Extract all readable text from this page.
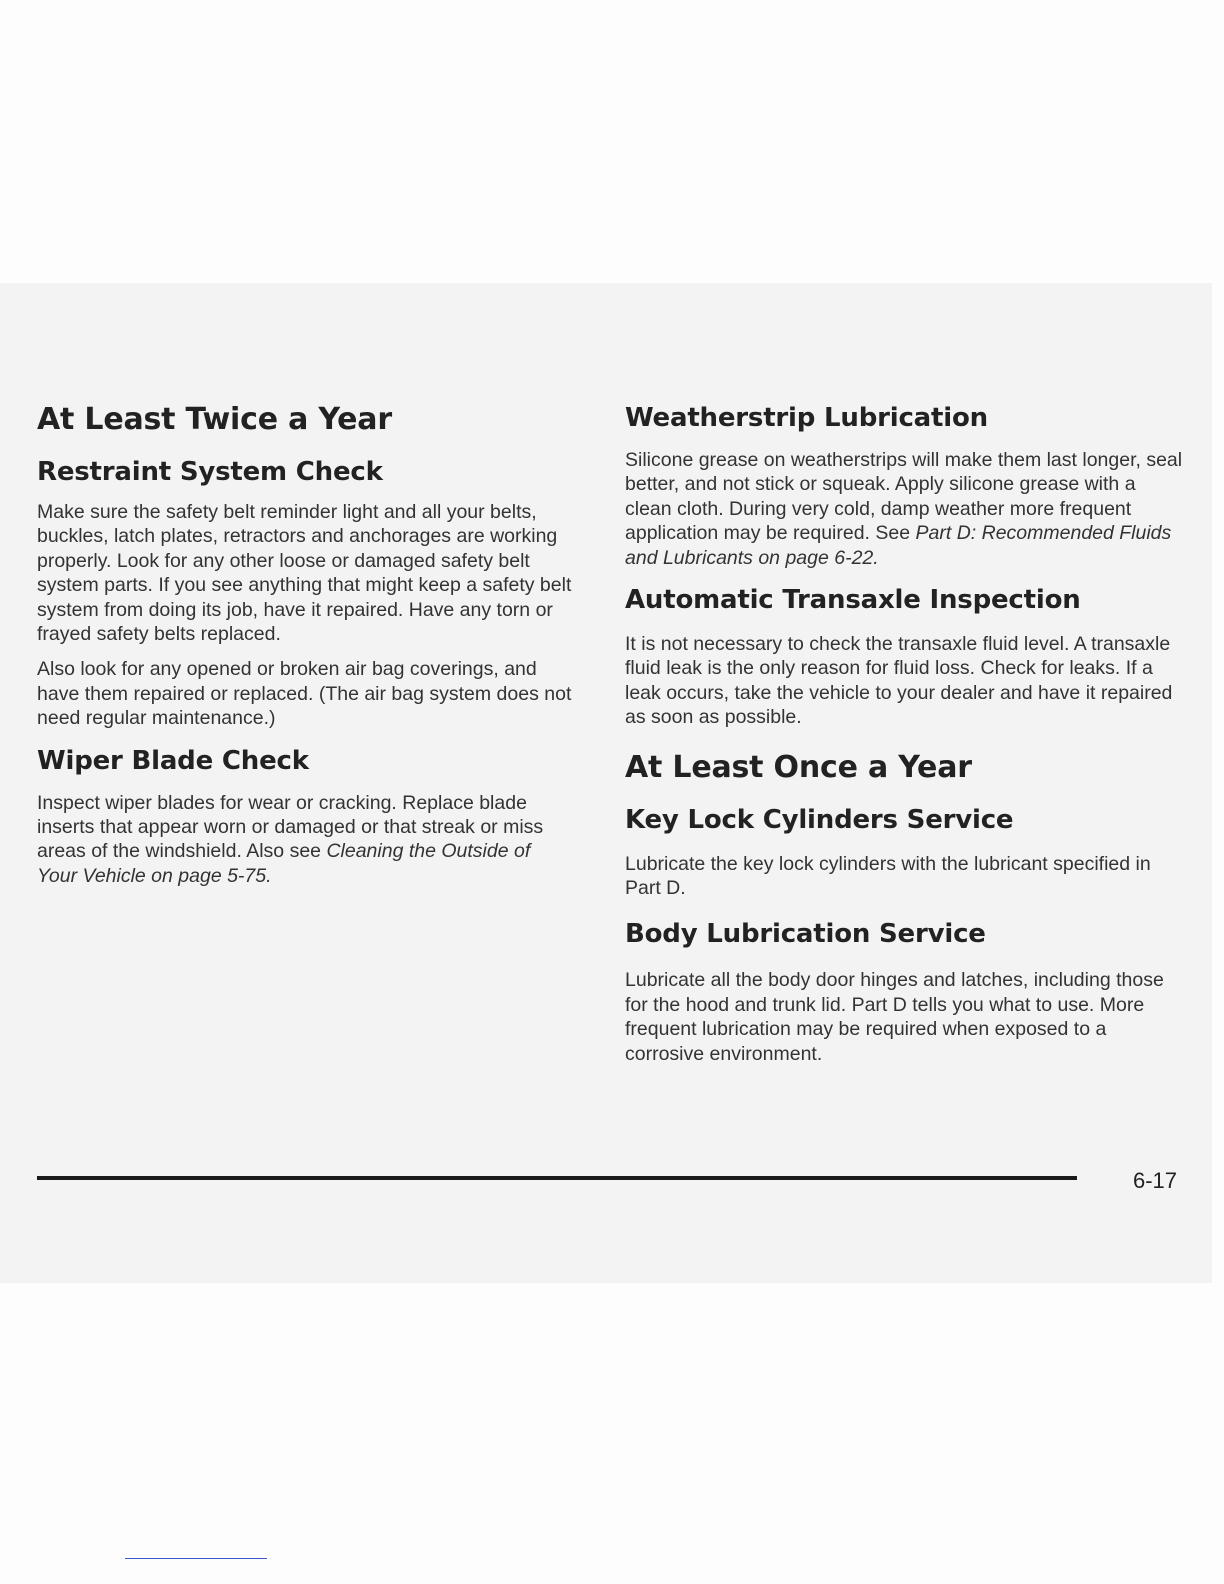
At Least Twice a Year
Restraint System Check

Make sure the safety belt reminder light and all your belts, buckles, latch plates, retractors and anchorages are working properly. Look for any other loose or damaged safety belt system parts. If you see anything that might keep a safety belt system from doing its job, have it repaired. Have any torn or frayed safety belts replaced.

Also look for any opened or broken air bag coverings, and have them repaired or replaced. (The air bag system does not need regular maintenance.)

Wiper Blade Check

Inspect wiper blades for wear or cracking. Replace blade inserts that appear worn or damaged or that streak or miss areas of the windshield. Also see Cleaning the Outside of Your Vehicle on page 5-75.

Weatherstrip Lubrication

Silicone grease on weatherstrips will make them last longer, seal better, and not stick or squeak. Apply silicone grease with a clean cloth. During very cold, damp weather more frequent application may be required. See Part D: Recommended Fluids and Lubricants on page 6-22.

Automatic Transaxle Inspection

It is not necessary to check the transaxle fluid level. A transaxle fluid leak is the only reason for fluid loss. Check for leaks. If a leak occurs, take the vehicle to your dealer and have it repaired as soon as possible.

At Least Once a Year
Key Lock Cylinders Service

Lubricate the key lock cylinders with the lubricant specified in Part D.

Body Lubrication Service

Lubricate all the body door hinges and latches, including those for the hood and trunk lid. Part D tells you what to use. More frequent lubrication may be required when exposed to a corrosive environment.

6-17
